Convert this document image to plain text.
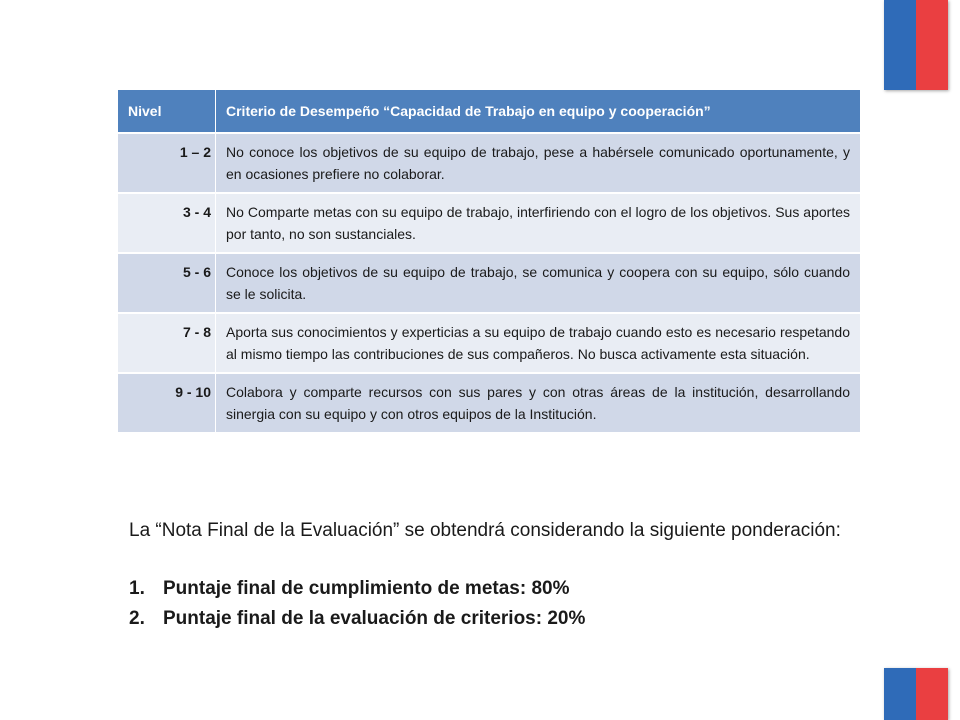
Nivel	Criterio de Desempeño “Capacidad de Trabajo en equipo y cooperación”
1 – 2	No conoce los objetivos de su equipo de trabajo, pese a habérsele comunicado oportunamente, y en ocasiones prefiere no colaborar.
3 - 4	No Comparte metas con su equipo de trabajo, interfiriendo con el logro de los objetivos. Sus aportes por tanto, no son sustanciales.
5 - 6	Conoce los objetivos de su equipo de trabajo, se comunica y coopera con su equipo, sólo cuando se le solicita.
7 - 8	Aporta sus conocimientos y experticias a su equipo de trabajo cuando esto es necesario respetando al mismo tiempo las contribuciones de sus compañeros. No busca activamente esta situación.
9 - 10	Colabora y comparte recursos con sus pares y con otras áreas de la institución, desarrollando sinergia con su equipo y con otros equipos de la Institución.

La “Nota Final de la Evaluación” se obtendrá considerando la siguiente ponderación:

1. Puntaje final de cumplimiento de metas: 80%
2. Puntaje final de la evaluación de criterios: 20%
